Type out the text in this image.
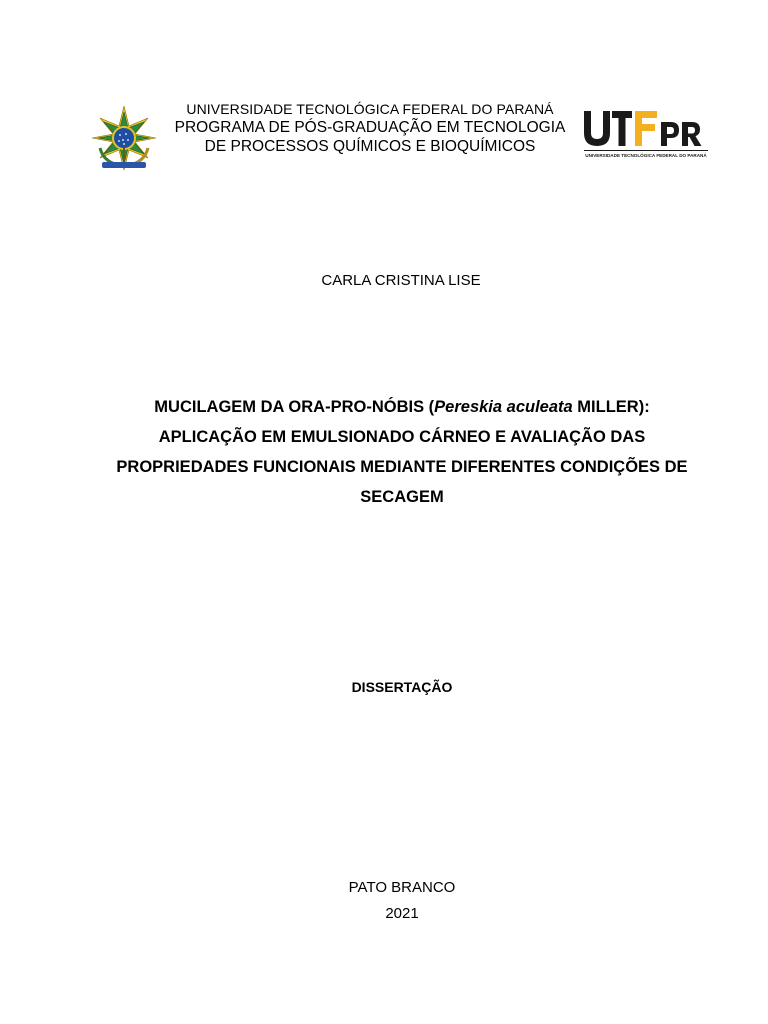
UNIVERSIDADE TECNOLÓGICA FEDERAL DO PARANÁ
PROGRAMA DE PÓS-GRADUAÇÃO EM TECNOLOGIA
DE PROCESSOS QUÍMICOS E BIOQUÍMICOS
UNIVERSIDADE TECNOLÓGICA FEDERAL DO PARANÁ
CARLA CRISTINA LISE
MUCILAGEM DA ORA-PRO-NÓBIS (Pereskia aculeata MILLER): APLICAÇÃO EM EMULSIONADO CÁRNEO E AVALIAÇÃO DAS PROPRIEDADES FUNCIONAIS MEDIANTE DIFERENTES CONDIÇÕES DE SECAGEM
DISSERTAÇÃO
PATO BRANCO
2021
